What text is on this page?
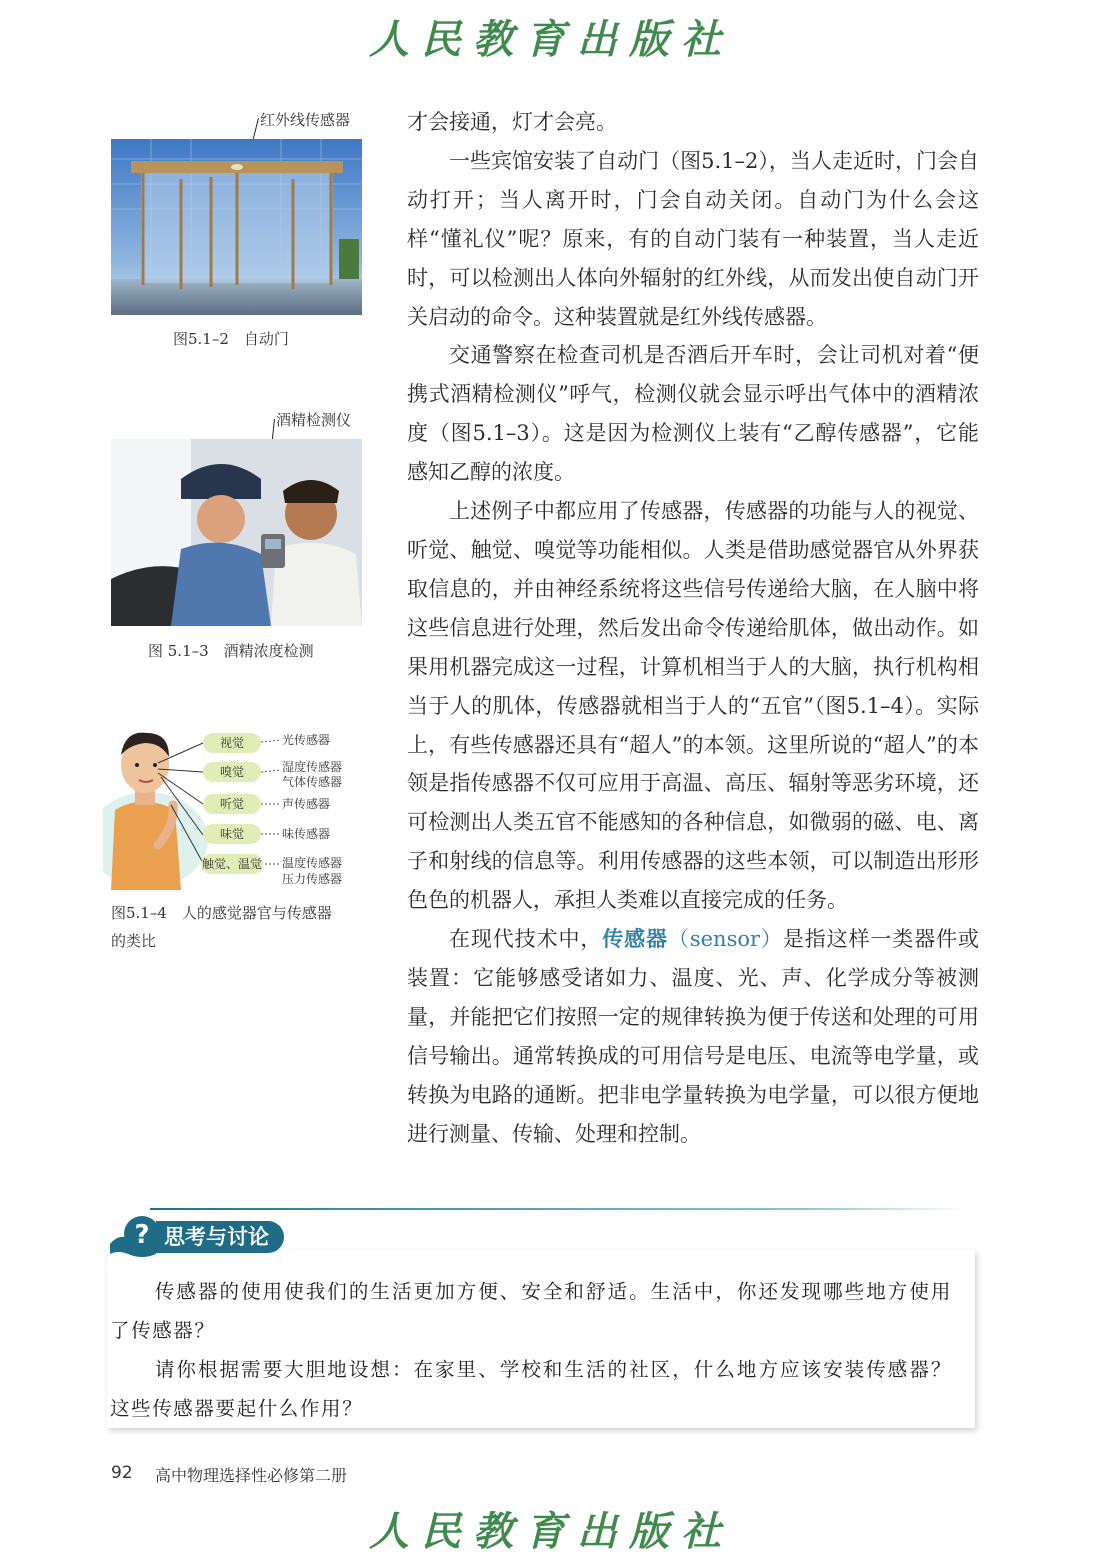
人民教育出版社
红外线传感器
图5.1–2　自动门
酒精检测仪
图 5.1–3　酒精浓度检测
视觉
嗅觉
听觉
味觉
触觉、温觉
光传感器
湿度传感器
气体传感器
声传感器
味传感器
温度传感器
压力传感器
图5.1–4　人的感觉器官与传感器
的类比

才会接通，灯才会亮。

一些宾馆安装了自动门（图5.1–2），当人走近时，门会自动打开；当人离开时，门会自动关闭。自动门为什么会这样“懂礼仪”呢？原来，有的自动门装有一种装置，当人走近时，可以检测出人体向外辐射的红外线，从而发出使自动门开关启动的命令。这种装置就是红外线传感器。

交通警察在检查司机是否酒后开车时，会让司机对着“便携式酒精检测仪”呼气，检测仪就会显示呼出气体中的酒精浓度（图5.1–3）。这是因为检测仪上装有“乙醇传感器”，它能感知乙醇的浓度。

上述例子中都应用了传感器，传感器的功能与人的视觉、听觉、触觉、嗅觉等功能相似。人类是借助感觉器官从外界获取信息的，并由神经系统将这些信号传递给大脑，在人脑中将这些信息进行处理，然后发出命令传递给肌体，做出动作。如果用机器完成这一过程，计算机相当于人的大脑，执行机构相当于人的肌体，传感器就相当于人的“五官”（图5.1–4）。实际上，有些传感器还具有“超人”的本领。这里所说的“超人”的本领是指传感器不仅可应用于高温、高压、辐射等恶劣环境，还可检测出人类五官不能感知的各种信息，如微弱的磁、电、离子和射线的信息等。利用传感器的这些本领，可以制造出形形色色的机器人，承担人类难以直接完成的任务。

在现代技术中，传感器（sensor）是指这样一类器件或装置：它能够感受诸如力、温度、光、声、化学成分等被测量，并能把它们按照一定的规律转换为便于传送和处理的可用信号输出。通常转换成的可用信号是电压、电流等电学量，或转换为电路的通断。把非电学量转换为电学量，可以很方便地进行测量、传输、处理和控制。

? 思考与讨论

传感器的使用使我们的生活更加方便、安全和舒适。生活中，你还发现哪些地方使用了传感器？

请你根据需要大胆地设想：在家里、学校和生活的社区，什么地方应该安装传感器？这些传感器要起什么作用？

92 高中物理选择性必修第二册
人民教育出版社
